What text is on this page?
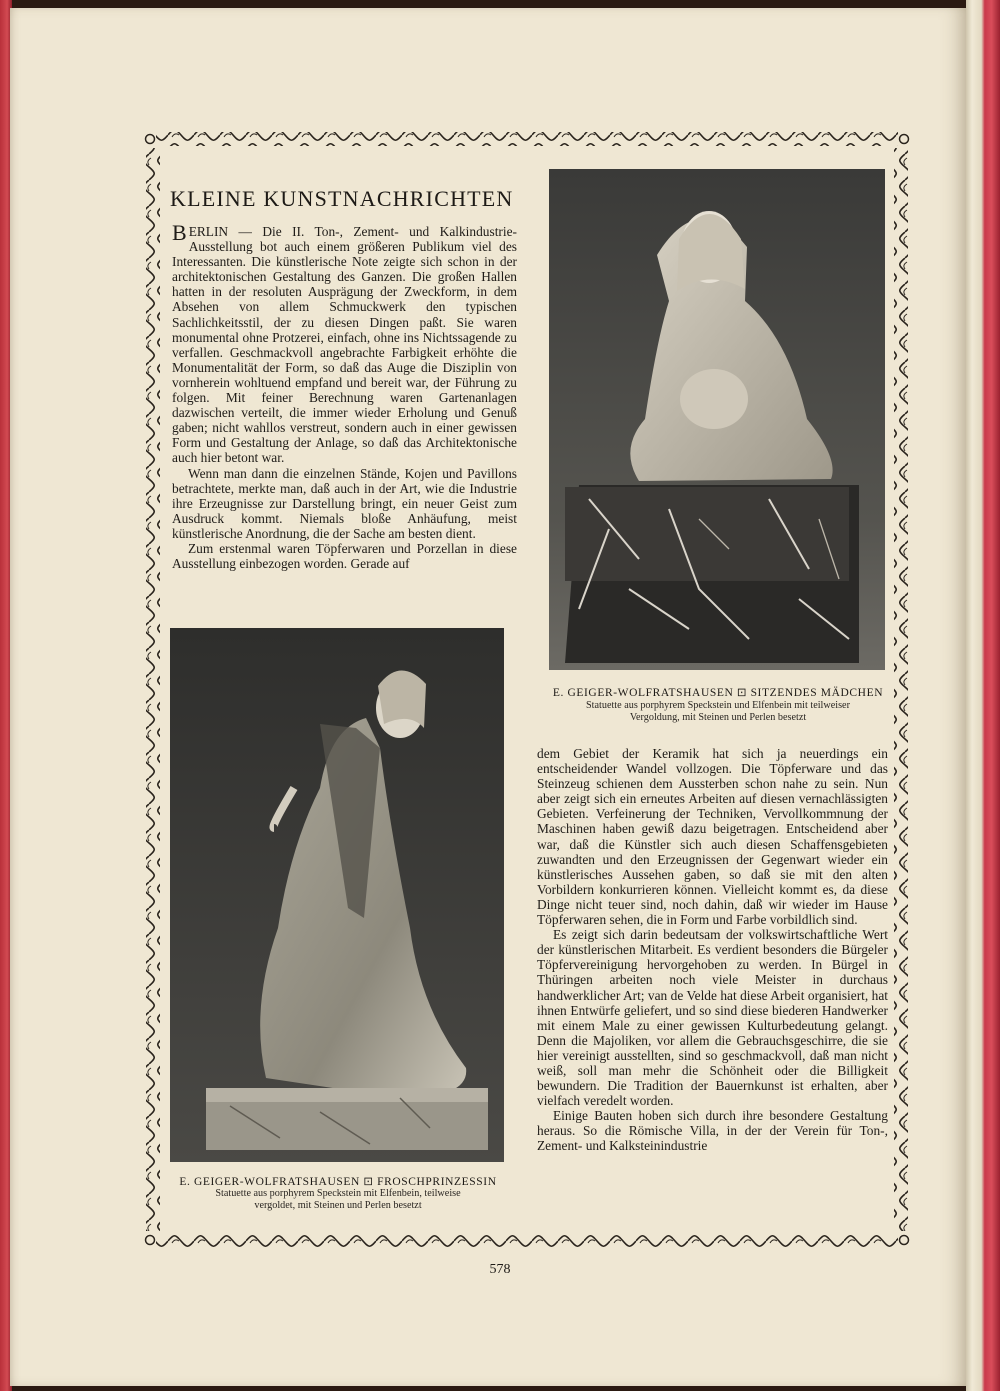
KLEINE KUNSTNACHRICHTEN

BERLIN — Die II. Ton-, Zement- und Kalkindustrie-Ausstellung bot auch einem größeren Publikum viel des Interessanten. Die künstlerische Note zeigte sich schon in der architektonischen Gestaltung des Ganzen. Die großen Hallen hatten in der resoluten Ausprägung der Zweckform, in dem Absehen von allem Schmuckwerk den typischen Sachlichkeitsstil, der zu diesen Dingen paßt. Sie waren monumental ohne Protzerei, einfach, ohne ins Nichtssagende zu verfallen. Geschmackvoll angebrachte Farbigkeit erhöhte die Monumentalität der Form, so daß das Auge die Disziplin von vornherein wohltuend empfand und bereit war, der Führung zu folgen. Mit feiner Berechnung waren Gartenanlagen dazwischen verteilt, die immer wieder Erholung und Genuß gaben; nicht wahllos verstreut, sondern auch in einer gewissen Form und Gestaltung der Anlage, so daß das Architektonische auch hier betont war.

Wenn man dann die einzelnen Stände, Kojen und Pavillons betrachtete, merkte man, daß auch in der Art, wie die Industrie ihre Erzeugnisse zur Darstellung bringt, ein neuer Geist zum Ausdruck kommt. Niemals bloße Anhäufung, meist künstlerische Anordnung, die der Sache am besten dient.

Zum erstenmal waren Töpferwaren und Porzellan in diese Ausstellung einbezogen worden. Gerade auf

E. GEIGER-WOLFRATSHAUSEN ⊡ SITZENDES MÄDCHEN
Statuette aus porphyrem Speckstein und Elfenbein mit teilweiser
Vergoldung, mit Steinen und Perlen besetzt
E. GEIGER-WOLFRATSHAUSEN ⊡ FROSCHPRINZESSIN
Statuette aus porphyrem Speckstein mit Elfenbein, teilweise
vergoldet, mit Steinen und Perlen besetzt

dem Gebiet der Keramik hat sich ja neuerdings ein entscheidender Wandel vollzogen. Die Töpferware und das Steinzeug schienen dem Aussterben schon nahe zu sein. Nun aber zeigt sich ein erneutes Arbeiten auf diesen vernachlässigten Gebieten. Verfeinerung der Techniken, Vervollkommnung der Maschinen haben gewiß dazu beigetragen. Entscheidend aber war, daß die Künstler sich auch diesen Schaffensgebieten zuwandten und den Erzeugnissen der Gegenwart wieder ein künstlerisches Aussehen gaben, so daß sie mit den alten Vorbildern konkurrieren können. Vielleicht kommt es, da diese Dinge nicht teuer sind, noch dahin, daß wir wieder im Hause Töpferwaren sehen, die in Form und Farbe vorbildlich sind.

Es zeigt sich darin bedeutsam der volkswirtschaftliche Wert der künstlerischen Mitarbeit. Es verdient besonders die Bürgeler Töpfervereinigung hervorgehoben zu werden. In Bürgel in Thüringen arbeiten noch viele Meister in durchaus handwerklicher Art; van de Velde hat diese Arbeit organisiert, hat ihnen Entwürfe geliefert, und so sind diese biederen Handwerker mit einem Male zu einer gewissen Kulturbedeutung gelangt. Denn die Majoliken, vor allem die Gebrauchsgeschirre, die sie hier vereinigt ausstellten, sind so geschmackvoll, daß man nicht weiß, soll man mehr die Schönheit oder die Billigkeit bewundern. Die Tradition der Bauernkunst ist erhalten, aber vielfach veredelt worden.

Einige Bauten hoben sich durch ihre besondere Gestaltung heraus. So die Römische Villa, in der der Verein für Ton-, Zement- und Kalksteinindustrie

578
